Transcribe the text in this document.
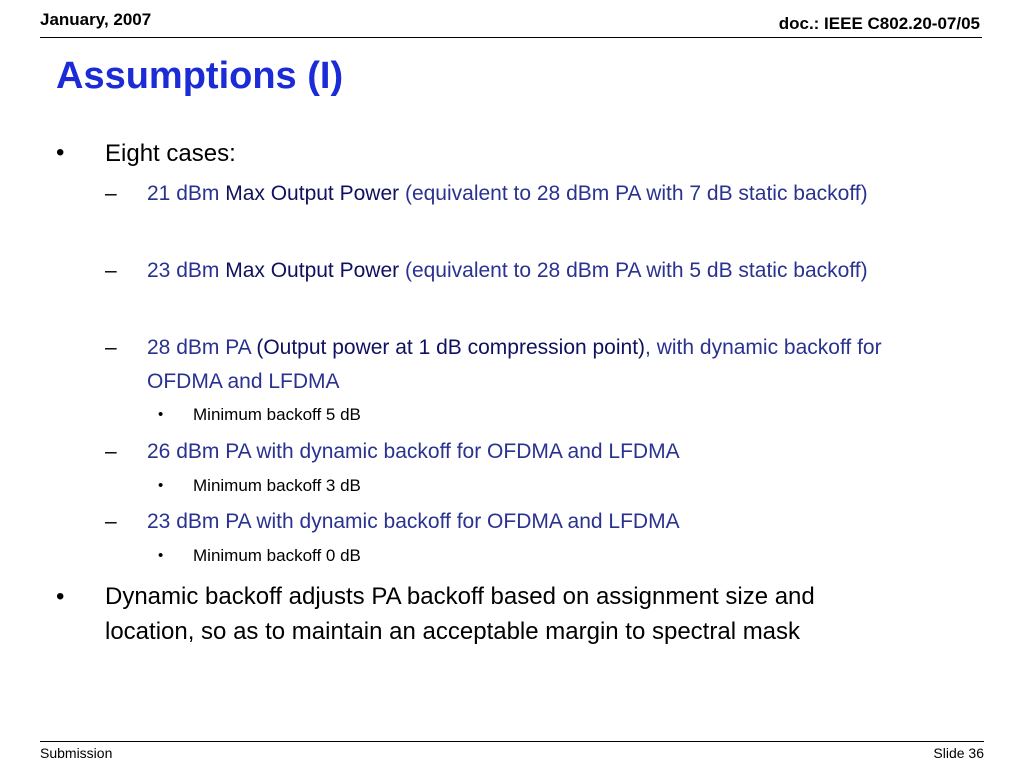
January, 2007	doc.: IEEE C802.20-07/05
Assumptions (I)
• Eight cases:
– 21 dBm Max Output Power (equivalent to 28 dBm PA with 7 dB static backoff)
– 23 dBm Max Output Power (equivalent to 28 dBm PA with 5 dB static backoff)
– 28 dBm PA (Output power at 1 dB compression point), with dynamic backoff for OFDMA and LFDMA
• Minimum backoff 5 dB
– 26 dBm PA with dynamic backoff for OFDMA and LFDMA
• Minimum backoff 3 dB
– 23 dBm PA with dynamic backoff for OFDMA and LFDMA
• Minimum backoff 0 dB
• Dynamic backoff adjusts PA backoff based on assignment size and
location, so as to maintain an acceptable margin to spectral mask
Submission	Slide 36
